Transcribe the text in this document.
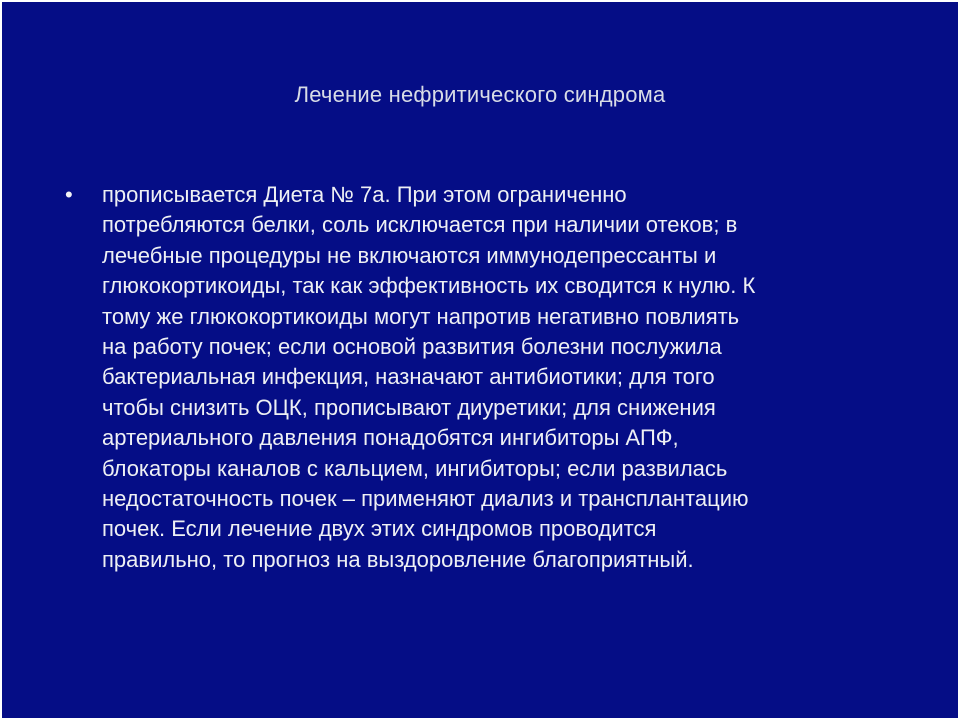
Лечение нефритического синдрома
• прописывается Диета № 7а. При этом ограниченно
потребляются белки, соль исключается при наличии отеков; в
лечебные процедуры не включаются иммунодепрессанты и
глюкокортикоиды, так как эффективность их сводится к нулю. К
тому же глюкокортикоиды могут напротив негативно повлиять
на работу почек; если основой развития болезни послужила
бактериальная инфекция, назначают антибиотики; для того
чтобы снизить ОЦК, прописывают диуретики; для снижения
артериального давления понадобятся ингибиторы АПФ,
блокаторы каналов с кальцием, ингибиторы; если развилась
недостаточность почек – применяют диализ и трансплантацию
почек. Если лечение двух этих синдромов проводится
правильно, то прогноз на выздоровление благоприятный.
